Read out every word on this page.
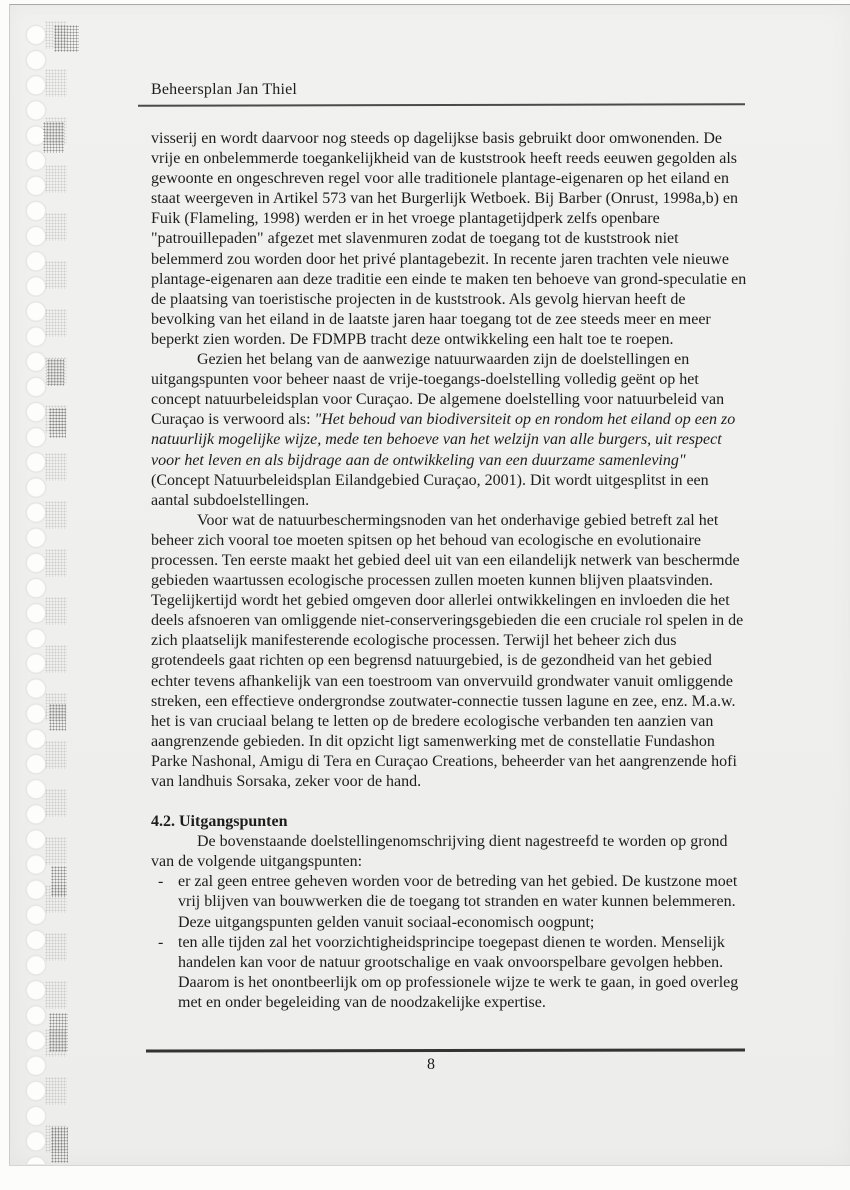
Beheersplan Jan Thiel

visserij en wordt daarvoor nog steeds op dagelijkse basis gebruikt door omwonenden. De vrije en onbelemmerde toegankelijkheid van de kuststrook heeft reeds eeuwen gegolden als gewoonte en ongeschreven regel voor alle traditionele plantage-eigenaren op het eiland en staat weergeven in Artikel 573 van het Burgerlijk Wetboek. Bij Barber (Onrust, 1998a,b) en Fuik (Flameling, 1998) werden er in het vroege plantagetijdperk zelfs openbare "patrouillepaden" afgezet met slavenmuren zodat de toegang tot de kuststrook niet belemmerd zou worden door het privé plantagebezit. In recente jaren trachten vele nieuwe plantage-eigenaren aan deze traditie een einde te maken ten behoeve van grond-speculatie en de plaatsing van toeristische projecten in de kuststrook. Als gevolg hiervan heeft de bevolking van het eiland in de laatste jaren haar toegang tot de zee steeds meer en meer beperkt zien worden. De FDMPB tracht deze ontwikkeling een halt toe te roepen.

Gezien het belang van de aanwezige natuurwaarden zijn de doelstellingen en uitgangspunten voor beheer naast de vrije-toegangs-doelstelling volledig geënt op het concept natuurbeleidsplan voor Curaçao. De algemene doelstelling voor natuurbeleid van Curaçao is verwoord als: "Het behoud van biodiversiteit op en rondom het eiland op een zo natuurlijk mogelijke wijze, mede ten behoeve van het welzijn van alle burgers, uit respect voor het leven en als bijdrage aan de ontwikkeling van een duurzame samenleving" (Concept Natuurbeleidsplan Eilandgebied Curaçao, 2001). Dit wordt uitgesplitst in een aantal subdoelstellingen.

Voor wat de natuurbeschermingsnoden van het onderhavige gebied betreft zal het beheer zich vooral toe moeten spitsen op het behoud van ecologische en evolutionaire processen. Ten eerste maakt het gebied deel uit van een eilandelijk netwerk van beschermde gebieden waartussen ecologische processen zullen moeten kunnen blijven plaatsvinden. Tegelijkertijd wordt het gebied omgeven door allerlei ontwikkelingen en invloeden die het deels afsnoeren van omliggende niet-conserveringsgebieden die een cruciale rol spelen in de zich plaatselijk manifesterende ecologische processen. Terwijl het beheer zich dus grotendeels gaat richten op een begrensd natuurgebied, is de gezondheid van het gebied echter tevens afhankelijk van een toestroom van onvervuild grondwater vanuit omliggende streken, een effectieve ondergrondse zoutwater-connectie tussen lagune en zee, enz. M.a.w. het is van cruciaal belang te letten op de bredere ecologische verbanden ten aanzien van aangrenzende gebieden. In dit opzicht ligt samenwerking met de constellatie Fundashon Parke Nashonal, Amigu di Tera en Curaçao Creations, beheerder van het aangrenzende hofi van landhuis Sorsaka, zeker voor de hand.

4.2. Uitgangspunten

De bovenstaande doelstellingenomschrijving dient nagestreefd te worden op grond van de volgende uitgangspunten:

- er zal geen entree geheven worden voor de betreding van het gebied. De kustzone moet vrij blijven van bouwwerken die de toegang tot stranden en water kunnen belemmeren. Deze uitgangspunten gelden vanuit sociaal-economisch oogpunt;
- ten alle tijden zal het voorzichtigheidsprincipe toegepast dienen te worden. Menselijk handelen kan voor de natuur grootschalige en vaak onvoorspelbare gevolgen hebben. Daarom is het onontbeerlijk om op professionele wijze te werk te gaan, in goed overleg met en onder begeleiding van de noodzakelijke expertise.
8
